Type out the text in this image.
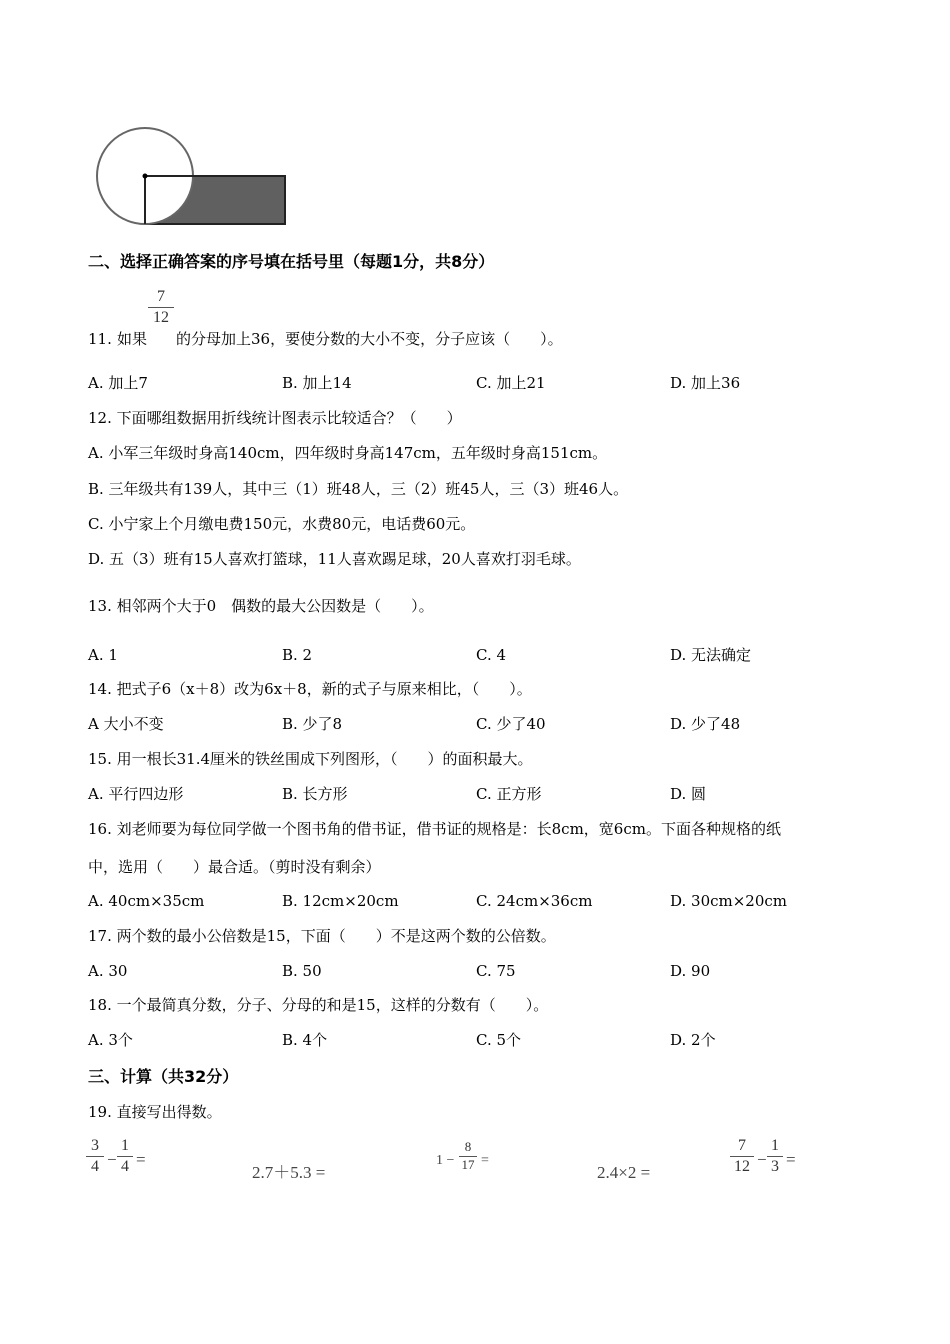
二、选择正确答案的序号填在括号里（每题1分，共8分）
11. 如果
7
12
的分母加上36，要使分数的大小不变，分子应该（　　）。
A. 加上7	B. 加上14	C. 加上21	D. 加上36
12. 下面哪组数据用折线统计图表示比较适合？（　　）
A. 小军三年级时身高140cm，四年级时身高147cm，五年级时身高151cm。
B. 三年级共有139人，其中三（1）班48人，三（2）班45人，三（3）班46人。
C. 小宁家上个月缴电费150元，水费80元，电话费60元。
D. 五（3）班有15人喜欢打篮球，11人喜欢踢足球，20人喜欢打羽毛球。
13. 相邻两个大于0　偶数的最大公因数是（　　）。
A. 1	B. 2	C. 4	D. 无法确定
14. 把式子6（x＋8）改为6x＋8，新的式子与原来相比，（　　）。
A 大小不变	B. 少了8	C. 少了40	D. 少了48
15. 用一根长31.4厘米的铁丝围成下列图形，（　　）的面积最大。
A. 平行四边形	B. 长方形	C. 正方形	D. 圆
16. 刘老师要为每位同学做一个图书角的借书证，借书证的规格是：长8cm，宽6cm。下面各种规格的纸
中，选用（　　）最合适。（剪时没有剩余）
A. 40cm×35cm	B. 12cm×20cm	C. 24cm×36cm	D. 30cm×20cm
17. 两个数的最小公倍数是15，下面（　　）不是这两个数的公倍数。
A. 30	B. 50	C. 75	D. 90
18. 一个最简真分数，分子、分母的和是15，这样的分数有（　　）。
A. 3个	B. 4个	C. 5个	D. 2个
三、计算（共32分）
19. 直接写出得数。
3
4 −
1
4 =
2.7＋5.3 =
1 −
8
17 =
2.4×2 =
7
12 −
1
3 =
